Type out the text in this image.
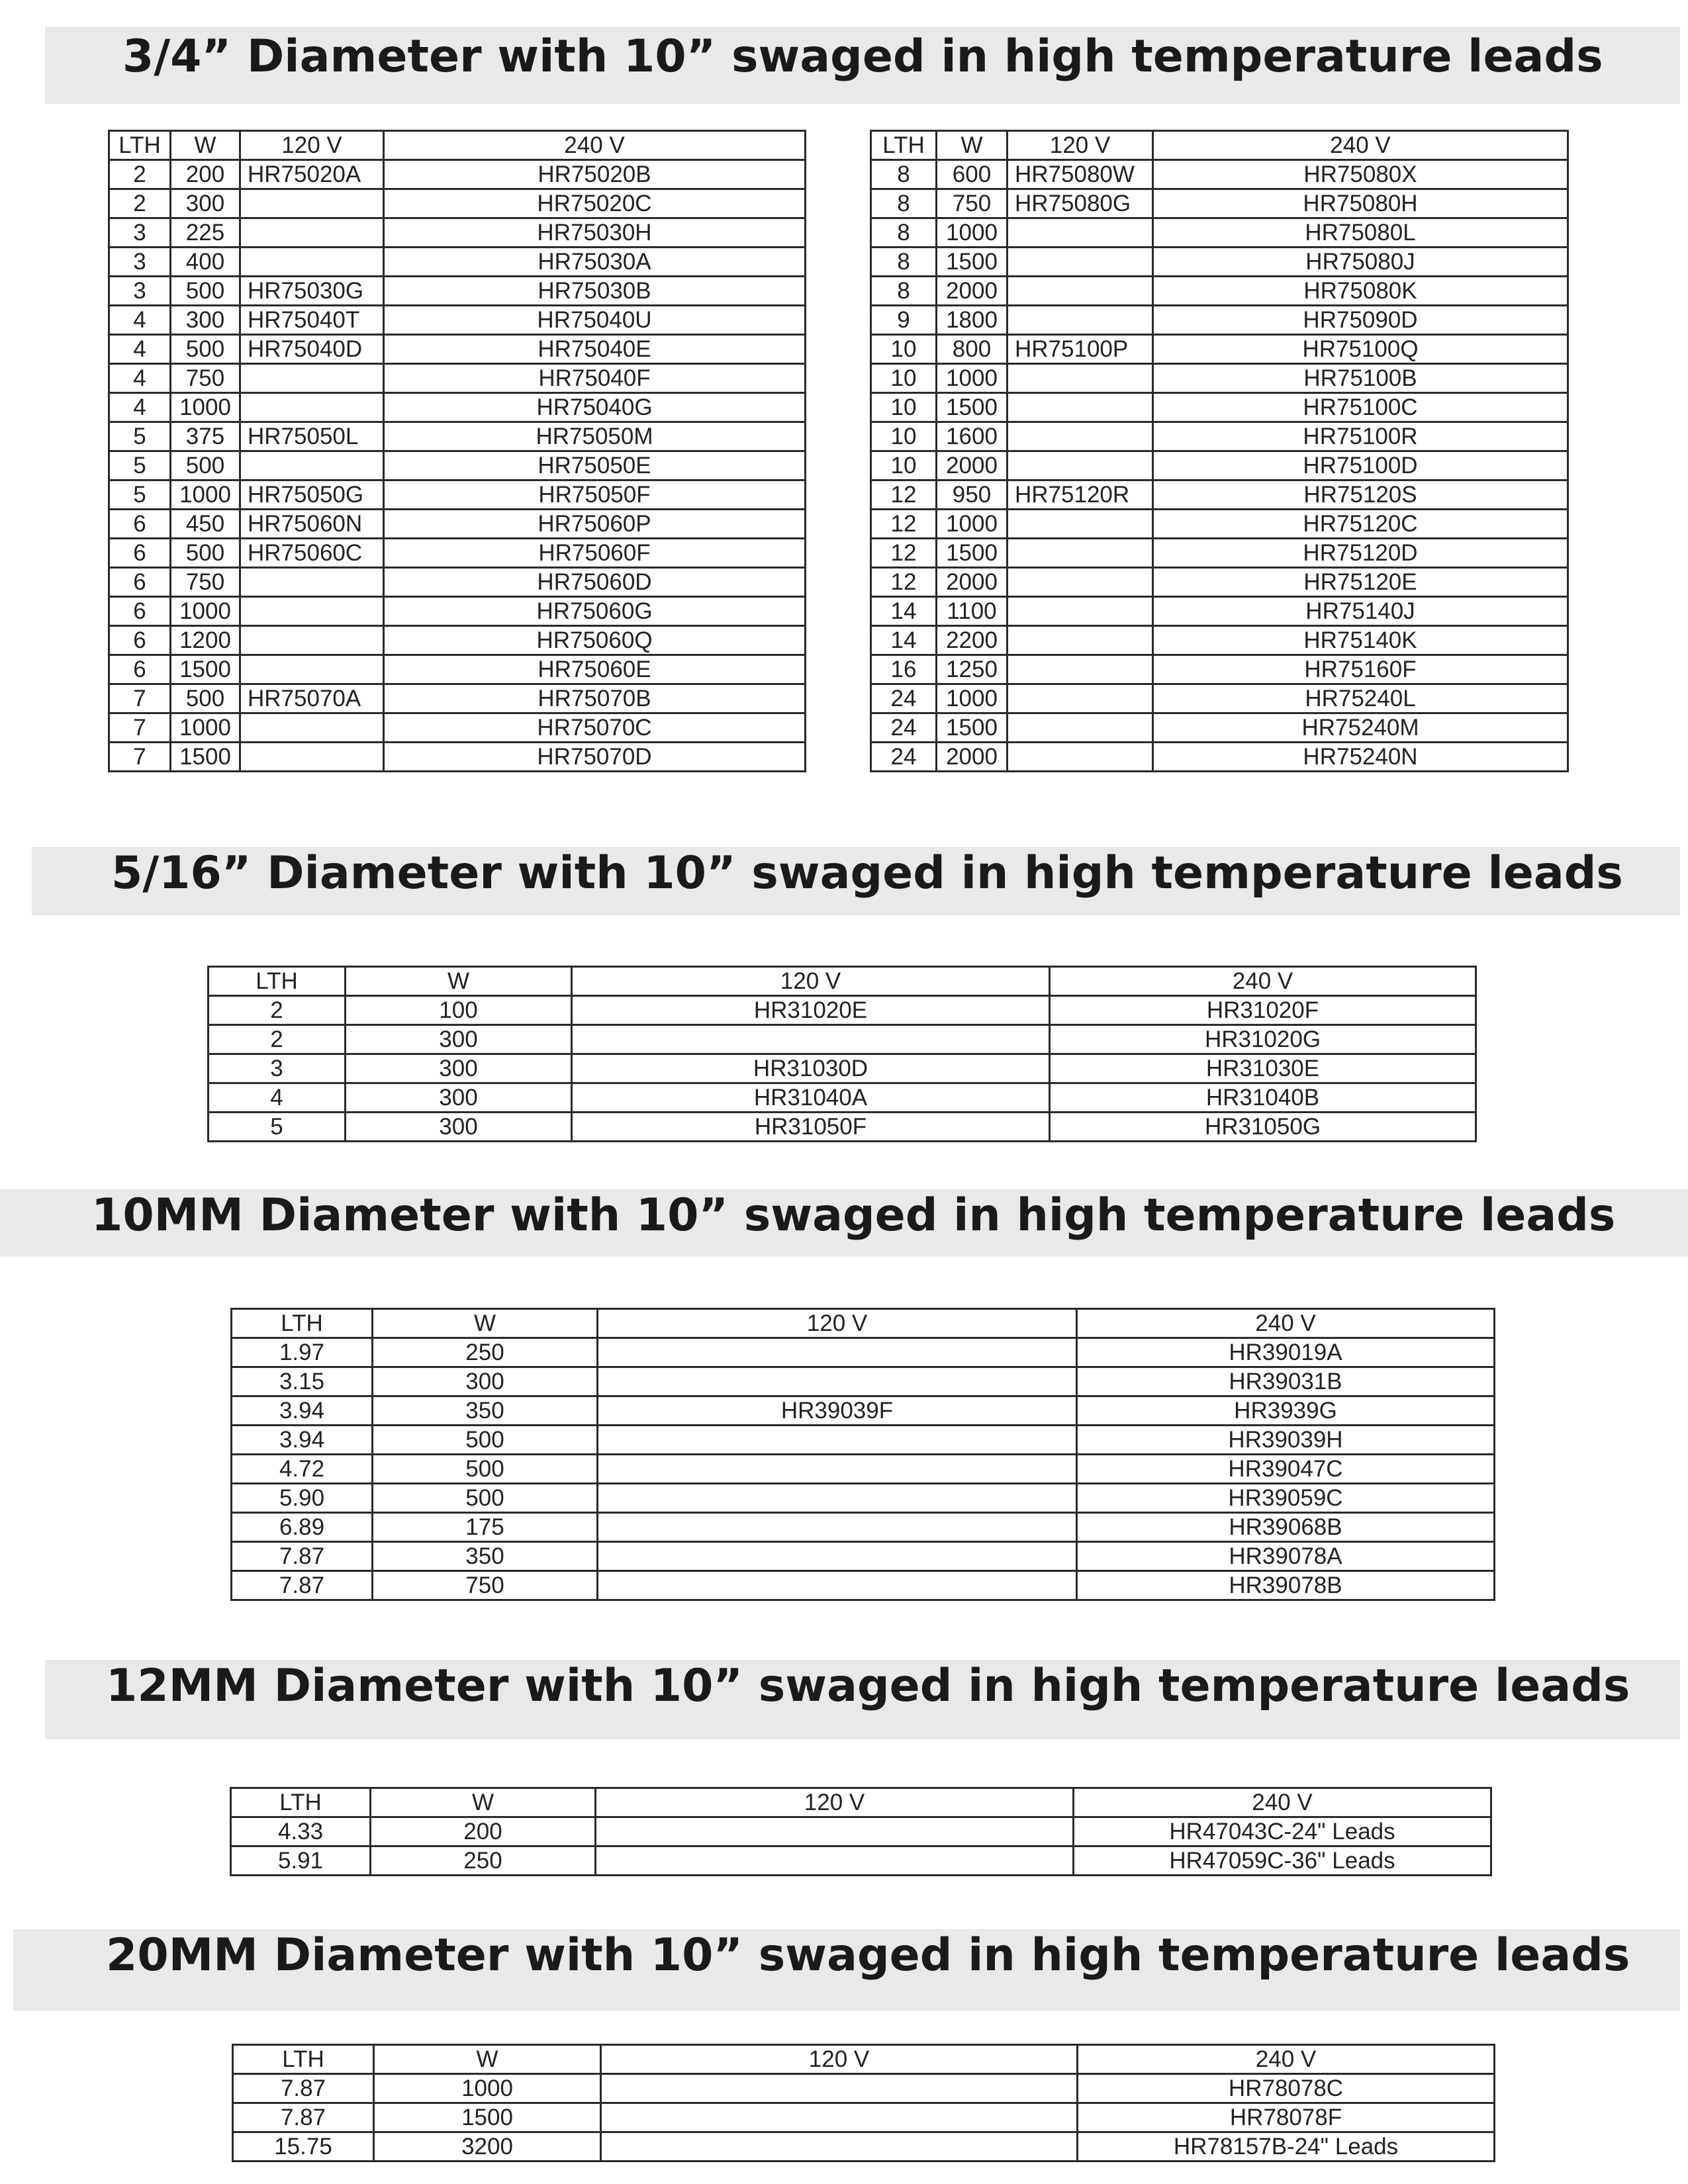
3/4” Diameter with 10” swaged in high temperature leads
LTH	W	120 V	240 V
2	200	HR75020A	HR75020B
2	300		HR75020C
3	225		HR75030H
3	400		HR75030A
3	500	HR75030G	HR75030B
4	300	HR75040T	HR75040U
4	500	HR75040D	HR75040E
4	750		HR75040F
4	1000		HR75040G
5	375	HR75050L	HR75050M
5	500		HR75050E
5	1000	HR75050G	HR75050F
6	450	HR75060N	HR75060P
6	500	HR75060C	HR75060F
6	750		HR75060D
6	1000		HR75060G
6	1200		HR75060Q
6	1500		HR75060E
7	500	HR75070A	HR75070B
7	1000		HR75070C
7	1500		HR75070D
LTH	W	120 V	240 V
8	600	HR75080W	HR75080X
8	750	HR75080G	HR75080H
8	1000		HR75080L
8	1500		HR75080J
8	2000		HR75080K
9	1800		HR75090D
10	800	HR75100P	HR75100Q
10	1000		HR75100B
10	1500		HR75100C
10	1600		HR75100R
10	2000		HR75100D
12	950	HR75120R	HR75120S
12	1000		HR75120C
12	1500		HR75120D
12	2000		HR75120E
14	1100		HR75140J
14	2200		HR75140K
16	1250		HR75160F
24	1000		HR75240L
24	1500		HR75240M
24	2000		HR75240N
5/16” Diameter with 10” swaged in high temperature leads
LTH	W	120 V	240 V
2	100	HR31020E	HR31020F
2	300		HR31020G
3	300	HR31030D	HR31030E
4	300	HR31040A	HR31040B
5	300	HR31050F	HR31050G
10MM Diameter with 10” swaged in high temperature leads
LTH	W	120 V	240 V
1.97	250		HR39019A
3.15	300		HR39031B
3.94	350	HR39039F	HR3939G
3.94	500		HR39039H
4.72	500		HR39047C
5.90	500		HR39059C
6.89	175		HR39068B
7.87	350		HR39078A
7.87	750		HR39078B
12MM Diameter with 10” swaged in high temperature leads
LTH	W	120 V	240 V
4.33	200		HR47043C-24" Leads
5.91	250		HR47059C-36" Leads
20MM Diameter with 10” swaged in high temperature leads
LTH	W	120 V	240 V
7.87	1000		HR78078C
7.87	1500		HR78078F
15.75	3200		HR78157B-24" Leads
